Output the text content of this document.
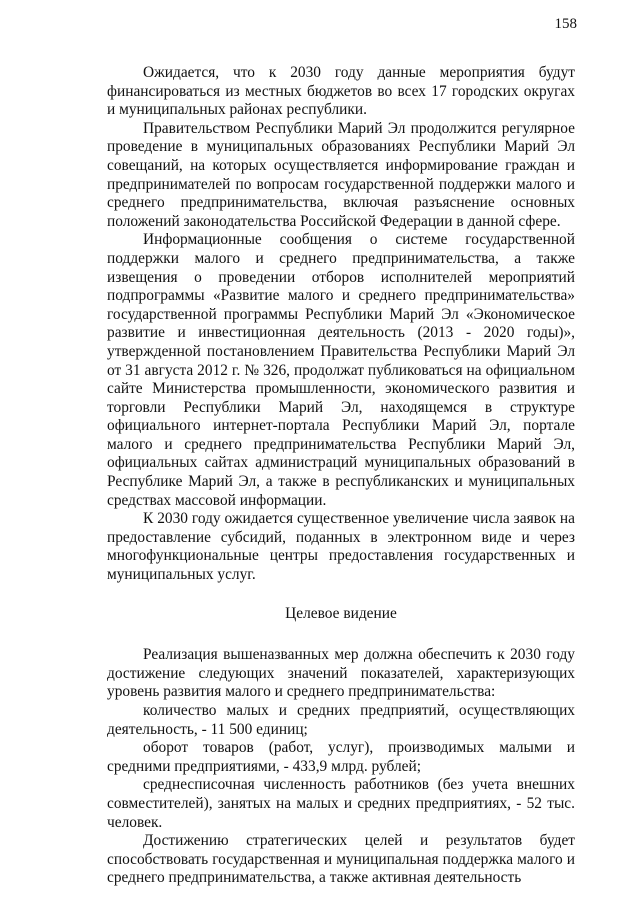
158

Ожидается, что к 2030 году данные мероприятия будут финансироваться из местных бюджетов во всех 17 городских округах и муниципальных районах республики.

Правительством Республики Марий Эл продолжится регулярное проведение в муниципальных образованиях Республики Марий Эл совещаний, на которых осуществляется информирование граждан и предпринимателей по вопросам государственной поддержки малого и среднего предпринимательства, включая разъяснение основных положений законодательства Российской Федерации в данной сфере.

Информационные сообщения о системе государственной поддержки малого и среднего предпринимательства, а также извещения о проведении отборов исполнителей мероприятий подпрограммы «Развитие малого и среднего предпринимательства» государственной программы Республики Марий Эл «Экономическое развитие и инвестиционная деятельность (2013 - 2020 годы)», утвержденной постановлением Правительства Республики Марий Эл от 31 августа 2012 г. № 326, продолжат публиковаться на официальном сайте Министерства промышленности, экономического развития и торговли Республики Марий Эл, находящемся в структуре официального интернет-портала Республики Марий Эл, портале малого и среднего предпринимательства Республики Марий Эл, официальных сайтах администраций муниципальных образований в Республике Марий Эл, а также в республиканских и муниципальных средствах массовой информации.

К 2030 году ожидается существенное увеличение числа заявок на предоставление субсидий, поданных в электронном виде и через многофункциональные центры предоставления государственных и муниципальных услуг.

Целевое видение

Реализация вышеназванных мер должна обеспечить к 2030 году достижение следующих значений показателей, характеризующих уровень развития малого и среднего предпринимательства:

количество малых и средних предприятий, осуществляющих деятельность, - 11 500 единиц;

оборот товаров (работ, услуг), производимых малыми и средними предприятиями, - 433,9 млрд. рублей;

среднесписочная численность работников (без учета внешних совместителей), занятых на малых и средних предприятиях, - 52 тыс. человек.

Достижению стратегических целей и результатов будет способствовать государственная и муниципальная поддержка малого и среднего предпринимательства, а также активная деятельность
